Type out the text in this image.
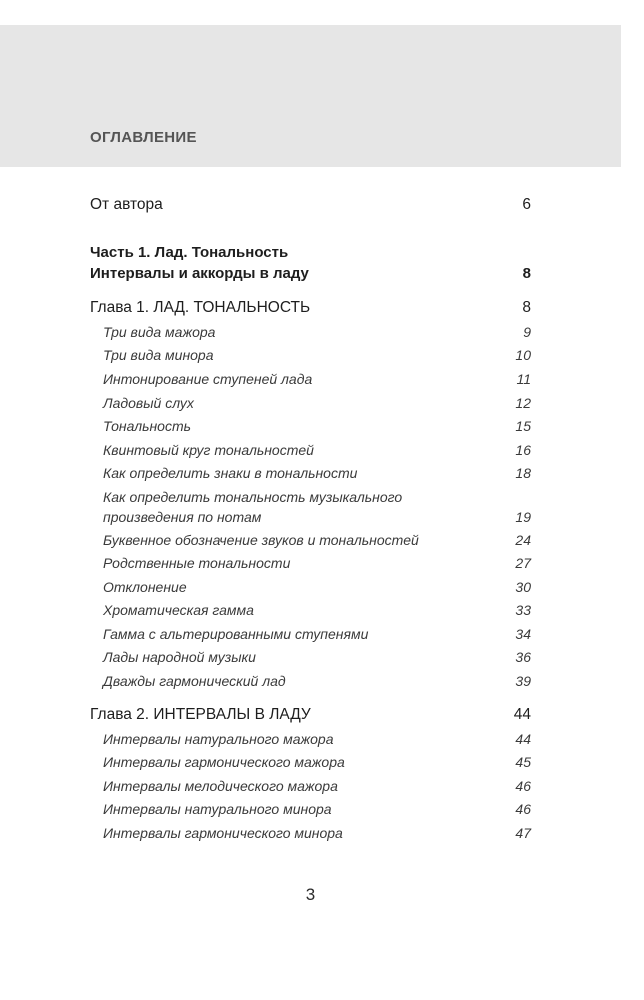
ОГЛАВЛЕНИЕ
От автора	6
Часть 1. Лад. Тональность
Интервалы и аккорды в ладу	8
Глава 1. ЛАД. ТОНАЛЬНОСТЬ	8
Три вида мажора	9
Три вида минора	10
Интонирование ступеней лада	11
Ладовый слух	12
Тональность	15
Квинтовый круг тональностей	16
Как определить знаки в тональности	18
Как определить тональность музыкального
произведения по нотам	19
Буквенное обозначение звуков и тональностей	24
Родственные тональности	27
Отклонение	30
Хроматическая гамма	33
Гамма с альтерированными ступенями	34
Лады народной музыки	36
Дважды гармонический лад	39
Глава 2. ИНТЕРВАЛЫ В ЛАДУ	44
Интервалы натурального мажора	44
Интервалы гармонического мажора	45
Интервалы мелодического мажора	46
Интервалы натурального минора	46
Интервалы гармонического минора	47
3
